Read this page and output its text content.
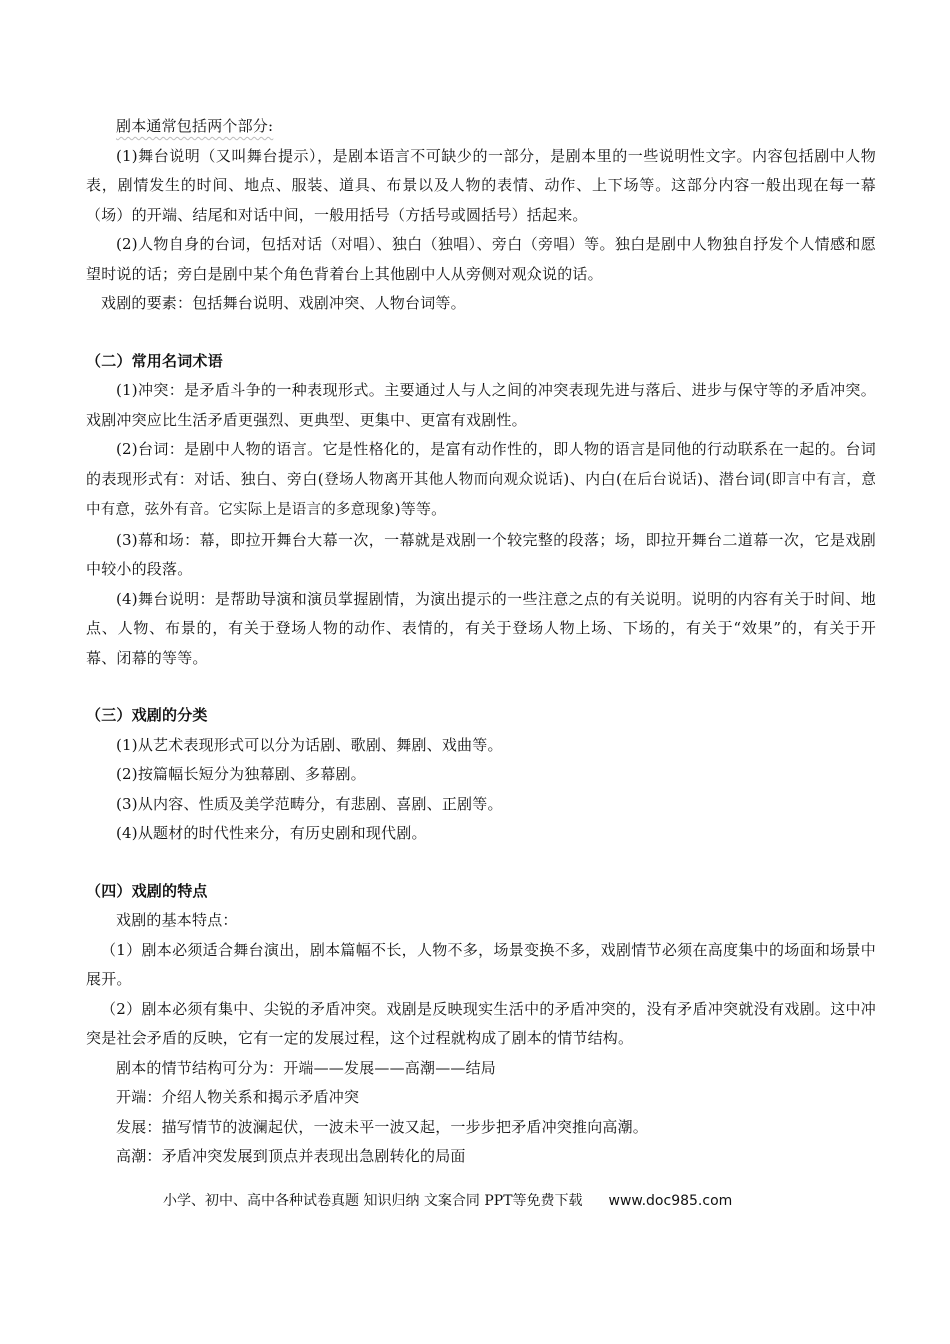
剧本通常包括两个部分:

(1)舞台说明（又叫舞台提示），是剧本语言不可缺少的一部分，是剧本里的一些说明性文字。内容包括剧中人物表，剧情发生的时间、地点、服装、道具、布景以及人物的表情、动作、上下场等。这部分内容一般出现在每一幕（场）的开端、结尾和对话中间，一般用括号（方括号或圆括号）括起来。

(2)人物自身的台词，包括对话（对唱）、独白（独唱）、旁白（旁唱）等。独白是剧中人物独自抒发个人情感和愿望时说的话；旁白是剧中某个角色背着台上其他剧中人从旁侧对观众说的话。

戏剧的要素：包括舞台说明、戏剧冲突、人物台词等。

（二）常用名词术语

(1)冲突：是矛盾斗争的一种表现形式。主要通过人与人之间的冲突表现先进与落后、进步与保守等的矛盾冲突。戏剧冲突应比生活矛盾更强烈、更典型、更集中、更富有戏剧性。

(2)台词：是剧中人物的语言。它是性格化的，是富有动作性的，即人物的语言是同他的行动联系在一起的。台词的表现形式有：对话、独白、旁白(登场人物离开其他人物而向观众说话)、内白(在后台说话)、潜台词(即言中有言，意中有意，弦外有音。它实际上是语言的多意现象)等等。

(3)幕和场：幕，即拉开舞台大幕一次，一幕就是戏剧一个较完整的段落；场，即拉开舞台二道幕一次，它是戏剧中较小的段落。

(4)舞台说明：是帮助导演和演员掌握剧情，为演出提示的一些注意之点的有关说明。说明的内容有关于时间、地点、人物、布景的，有关于登场人物的动作、表情的，有关于登场人物上场、下场的，有关于“效果”的，有关于开幕、闭幕的等等。

（三）戏剧的分类

(1)从艺术表现形式可以分为话剧、歌剧、舞剧、戏曲等。

(2)按篇幅长短分为独幕剧、多幕剧。

(3)从内容、性质及美学范畴分，有悲剧、喜剧、正剧等。

(4)从题材的时代性来分，有历史剧和现代剧。

（四）戏剧的特点

戏剧的基本特点：

（1）剧本必须适合舞台演出，剧本篇幅不长，人物不多，场景变换不多，戏剧情节必须在高度集中的场面和场景中展开。

（2）剧本必须有集中、尖锐的矛盾冲突。戏剧是反映现实生活中的矛盾冲突的，没有矛盾冲突就没有戏剧。这中冲突是社会矛盾的反映，它有一定的发展过程，这个过程就构成了剧本的情节结构。

剧本的情节结构可分为：开端——发展——高潮——结局

开端：介绍人物关系和揭示矛盾冲突

发展：描写情节的波澜起伏，一波未平一波又起，一步步把矛盾冲突推向高潮。

高潮：矛盾冲突发展到顶点并表现出急剧转化的局面

小学、初中、高中各种试卷真题 知识归纳 文案合同 PPT等免费下载 www.doc985.com
